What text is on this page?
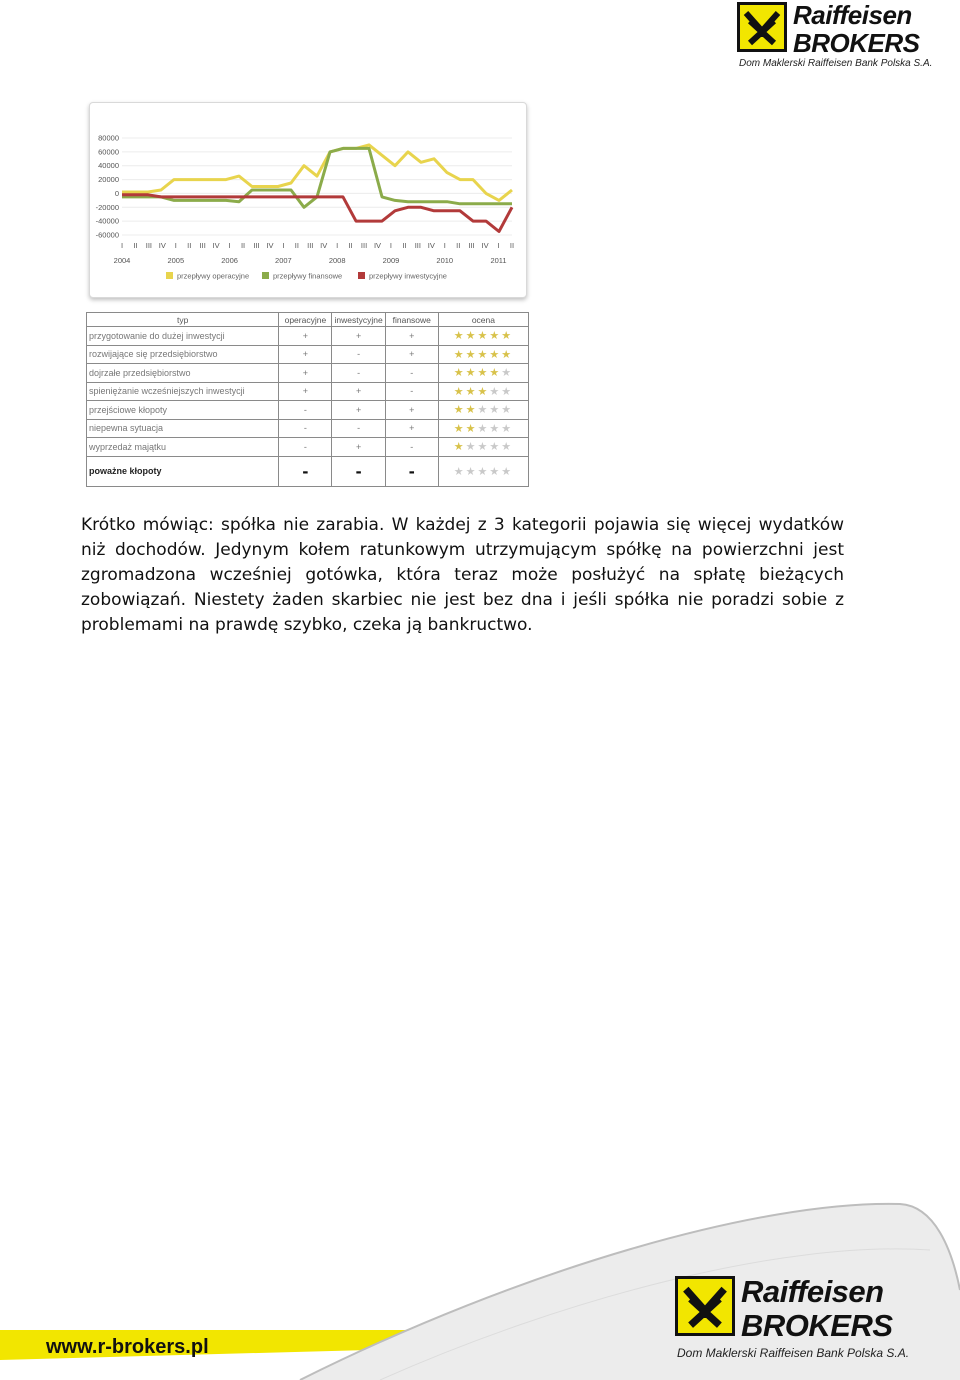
Raiffeisen
BROKERS
Dom Maklerski Raiffeisen Bank Polska S.A.
80000
60000
40000
20000
0
-20000
-40000
-60000
I II III IV I II III IV I II III IV I II III IV I II III IV I II III IV I II III IV I II
2004	2005	2006	2007	2008	2009	2010	2011
przepływy operacyjne	przepływy finansowe	przepływy inwestycyjne
typ	operacyjne	inwestycyjne	finansowe	ocena
przygotowanie do dużej inwestycji	+	+	+	★★★★★
rozwijające się przedsiębiorstwo	+	-	+	★★★★★
dojrzałe przedsiębiorstwo	+	-	-	★★★★★
spieniężanie wcześniejszych inwestycji	+	+	-	★★★★★
przejściowe kłopoty	-	+	+	★★★★★
niepewna sytuacja	-	-	+	★★★★★
wyprzedaż majątku	-	+	-	★★★★★
poważne kłopoty	-	-	-	★★★★★

Krótko mówiąc: spółka nie zarabia. W każdej z 3 kategorii pojawia się więcej wydatków niż dochodów. Jedynym kołem ratunkowym utrzymującym spółkę na powierzchni jest zgromadzona wcześniej gotówka, która teraz może posłużyć na spłatę bieżących zobowiązań. Niestety żaden skarbiec nie jest bez dna i jeśli spółka nie poradzi sobie z problemami na prawdę szybko, czeka ją bankructwo.

www.r-brokers.pl
Raiffeisen
BROKERS
Dom Maklerski Raiffeisen Bank Polska S.A.
